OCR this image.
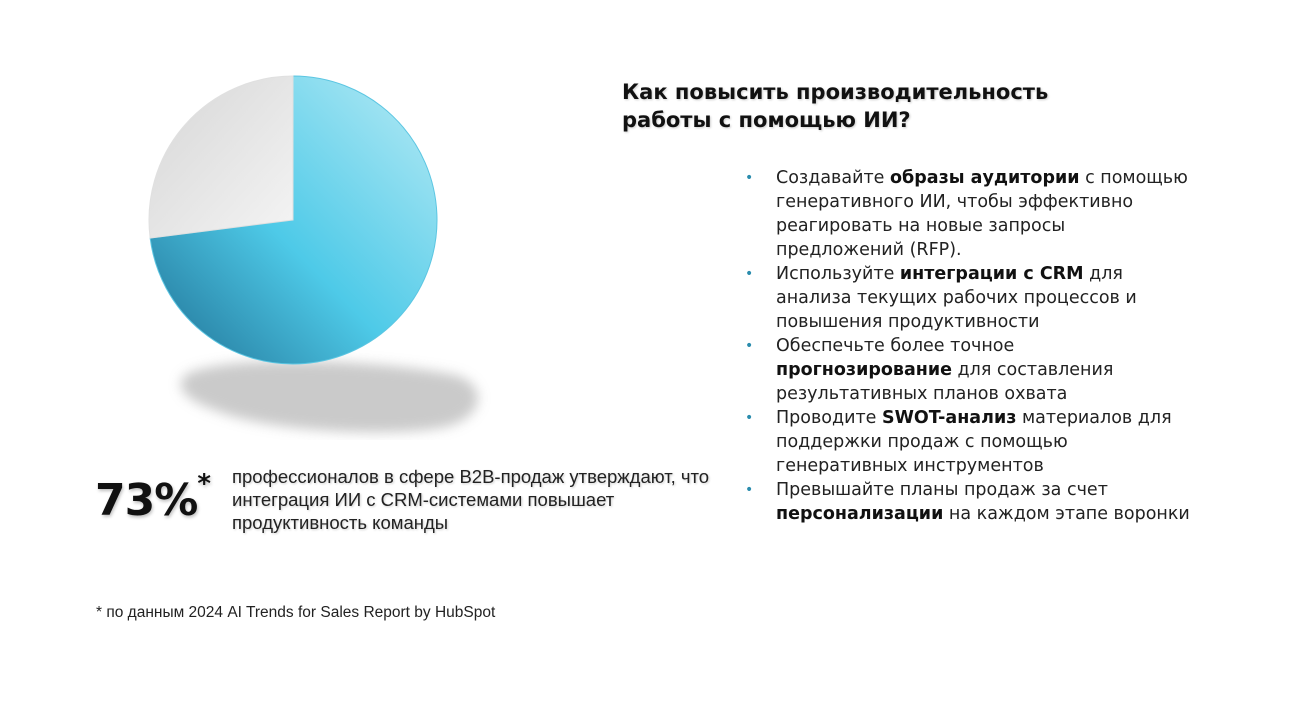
73%* профессионалов в сфере B2B-продаж утверждают, что интеграция ИИ с CRM-системами повышает продуктивность команды
* по данным 2024 AI Trends for Sales Report by HubSpot
Как повысить производительность
работы с помощью ИИ?
• Создавайте образы аудитории с помощью генеративного ИИ, чтобы эффективно реагировать на новые запросы предложений (RFP).
• Используйте интеграции с CRM для анализа текущих рабочих процессов и повышения продуктивности
• Обеспечьте более точное прогнозирование для составления результативных планов охвата
• Проводите SWOT-анализ материалов для поддержки продаж с помощью генеративных инструментов
• Превышайте планы продаж за счет персонализации на каждом этапе воронки
